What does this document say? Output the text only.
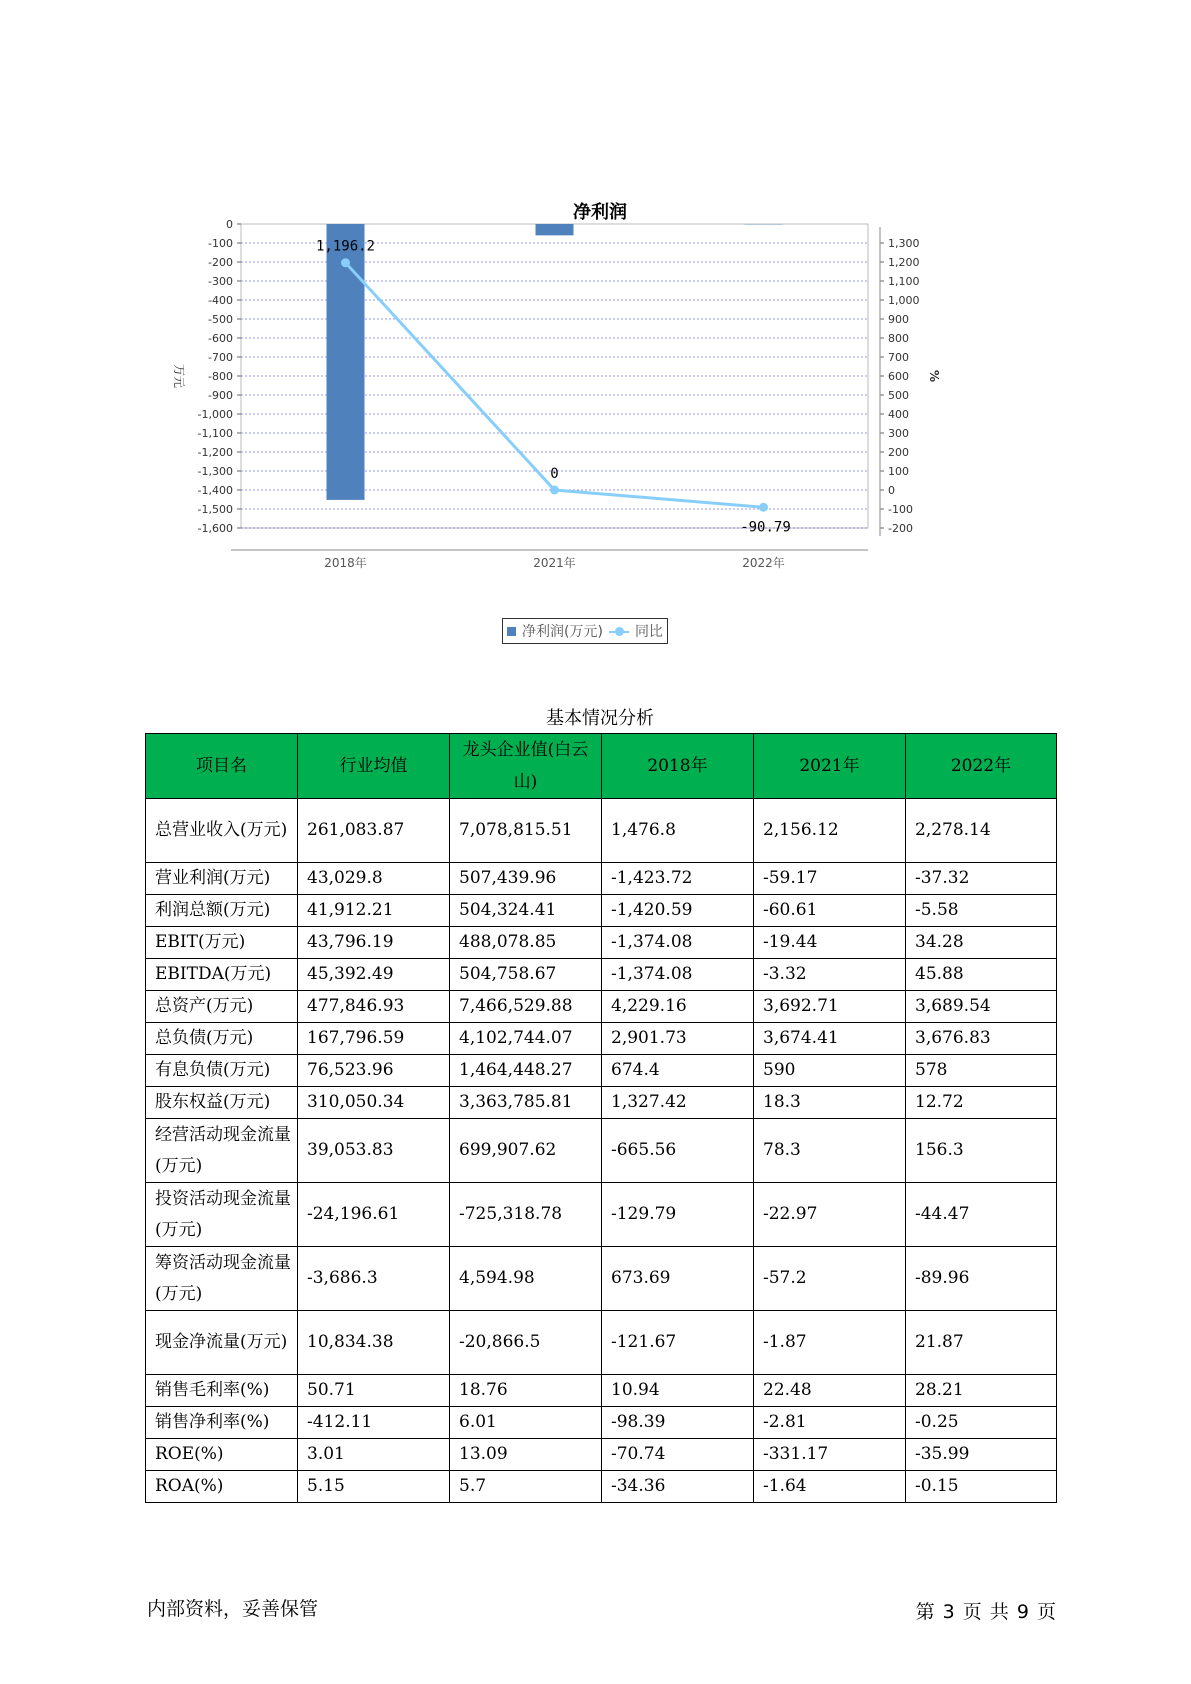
0
-100
-200
-300
-400
-500
-600
-700
-800
-900
-1,000
-1,100
-1,200
-1,300
-1,400
-1,500
-1,600
1,300
1,200
1,100
1,000
900
800
700
600
500
400
300
200
100
0
-100
-200
万元	%
2018年	2021年	2022年
1,196.2
0
-90.79
净利润
净利润(万元) 同比
基本情况分析
项目名	行业均值	龙头企业值(白云山)	2018年	2021年	2022年
总营业收入(万元)	261,083.87	7,078,815.51	1,476.8	2,156.12	2,278.14
营业利润(万元)	43,029.8	507,439.96	-1,423.72	-59.17	-37.32
利润总额(万元)	41,912.21	504,324.41	-1,420.59	-60.61	-5.58
EBIT(万元)	43,796.19	488,078.85	-1,374.08	-19.44	34.28
EBITDA(万元)	45,392.49	504,758.67	-1,374.08	-3.32	45.88
总资产(万元)	477,846.93	7,466,529.88	4,229.16	3,692.71	3,689.54
总负债(万元)	167,796.59	4,102,744.07	2,901.73	3,674.41	3,676.83
有息负债(万元)	76,523.96	1,464,448.27	674.4	590	578
股东权益(万元)	310,050.34	3,363,785.81	1,327.42	18.3	12.72
经营活动现金流量(万元)	39,053.83	699,907.62	-665.56	78.3	156.3
投资活动现金流量(万元)	-24,196.61	-725,318.78	-129.79	-22.97	-44.47
筹资活动现金流量(万元)	-3,686.3	4,594.98	673.69	-57.2	-89.96
现金净流量(万元)	10,834.38	-20,866.5	-121.67	-1.87	21.87
销售毛利率(%)	50.71	18.76	10.94	22.48	28.21
销售净利率(%)	-412.11	6.01	-98.39	-2.81	-0.25
ROE(%)	3.01	13.09	-70.74	-331.17	-35.99
ROA(%)	5.15	5.7	-34.36	-1.64	-0.15
内部资料，妥善保管	第 3 页 共 9 页
